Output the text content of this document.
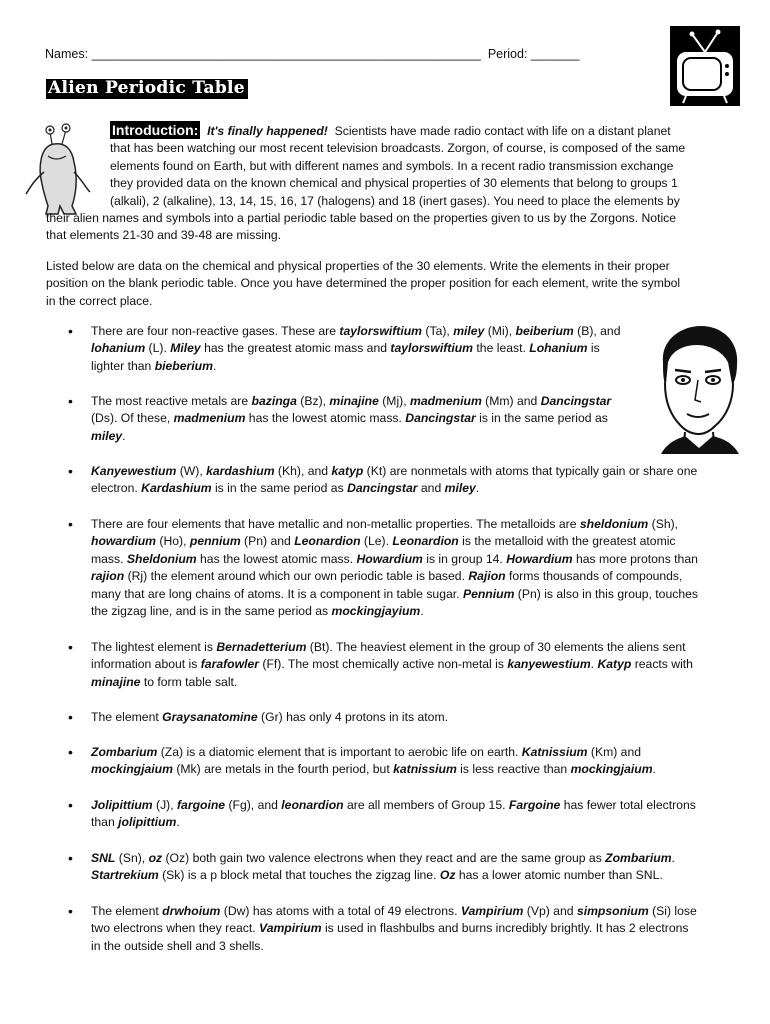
Names: ________________________________________________________ Period: _______
Alien Periodic Table
Introduction: It's finally happened! Scientists have made radio contact with life on a distant planet
that has been watching our most recent television broadcasts. Zorgon, of course, is composed of the same
elements found on Earth, but with different names and symbols. In a recent radio transmission exchange
they provided data on the known chemical and physical properties of 30 elements that belong to groups 1
(alkali), 2 (alkaline), 13, 14, 15, 16, 17 (halogens) and 18 (inert gases). You need to place the elements by
their alien names and symbols into a partial periodic table based on the properties given to us by the Zorgons. Notice
that elements 21-30 and 39-48 are missing.
Listed below are data on the chemical and physical properties of the 30 elements. Write the elements in their proper
position on the blank periodic table. Once you have determined the proper position for each element, write the symbol
in the correct place.
• There are four non-reactive gases. These are taylorswiftium (Ta), miley (Mi), beiberium (B), and
lohanium (L). Miley has the greatest atomic mass and taylorswiftium the least. Lohanium is
lighter than bieberium.
• The most reactive metals are bazinga (Bz), minajine (Mj), madmenium (Mm) and Dancingstar
(Ds). Of these, madmenium has the lowest atomic mass. Dancingstar is in the same period as
miley.
• Kanyewestium (W), kardashium (Kh), and katyp (Kt) are nonmetals with atoms that typically gain or share one
electron. Kardashium is in the same period as Dancingstar and miley.
• There are four elements that have metallic and non-metallic properties. The metalloids are sheldonium (Sh),
howardium (Ho), pennium (Pn) and Leonardion (Le). Leonardion is the metalloid with the greatest atomic
mass. Sheldonium has the lowest atomic mass. Howardium is in group 14. Howardium has more protons than
rajion (Rj) the element around which our own periodic table is based. Rajion forms thousands of compounds,
many that are long chains of atoms. It is a component in table sugar. Pennium (Pn) is also in this group, touches
the zigzag line, and is in the same period as mockingjayium.
• The lightest element is Bernadetterium (Bt). The heaviest element in the group of 30 elements the aliens sent
information about is farafowler (Ff). The most chemically active non-metal is kanyewestium. Katyp reacts with
minajine to form table salt.
• The element Graysanatomine (Gr) has only 4 protons in its atom.
• Zombarium (Za) is a diatomic element that is important to aerobic life on earth. Katnissium (Km) and
mockingjaium (Mk) are metals in the fourth period, but katnissium is less reactive than mockingjaium.
• Jolipittium (J), fargoine (Fg), and leonardion are all members of Group 15. Fargoine has fewer total electrons
than jolipittium.
• SNL (Sn), oz (Oz) both gain two valence electrons when they react and are the same group as Zombarium.
Startrekium (Sk) is a p block metal that touches the zigzag line. Oz has a lower atomic number than SNL.
• The element drwhoium (Dw) has atoms with a total of 49 electrons. Vampirium (Vp) and simpsonium (Si) lose
two electrons when they react. Vampirium is used in flashbulbs and burns incredibly brightly. It has 2 electrons
in the outside shell and 3 shells.
